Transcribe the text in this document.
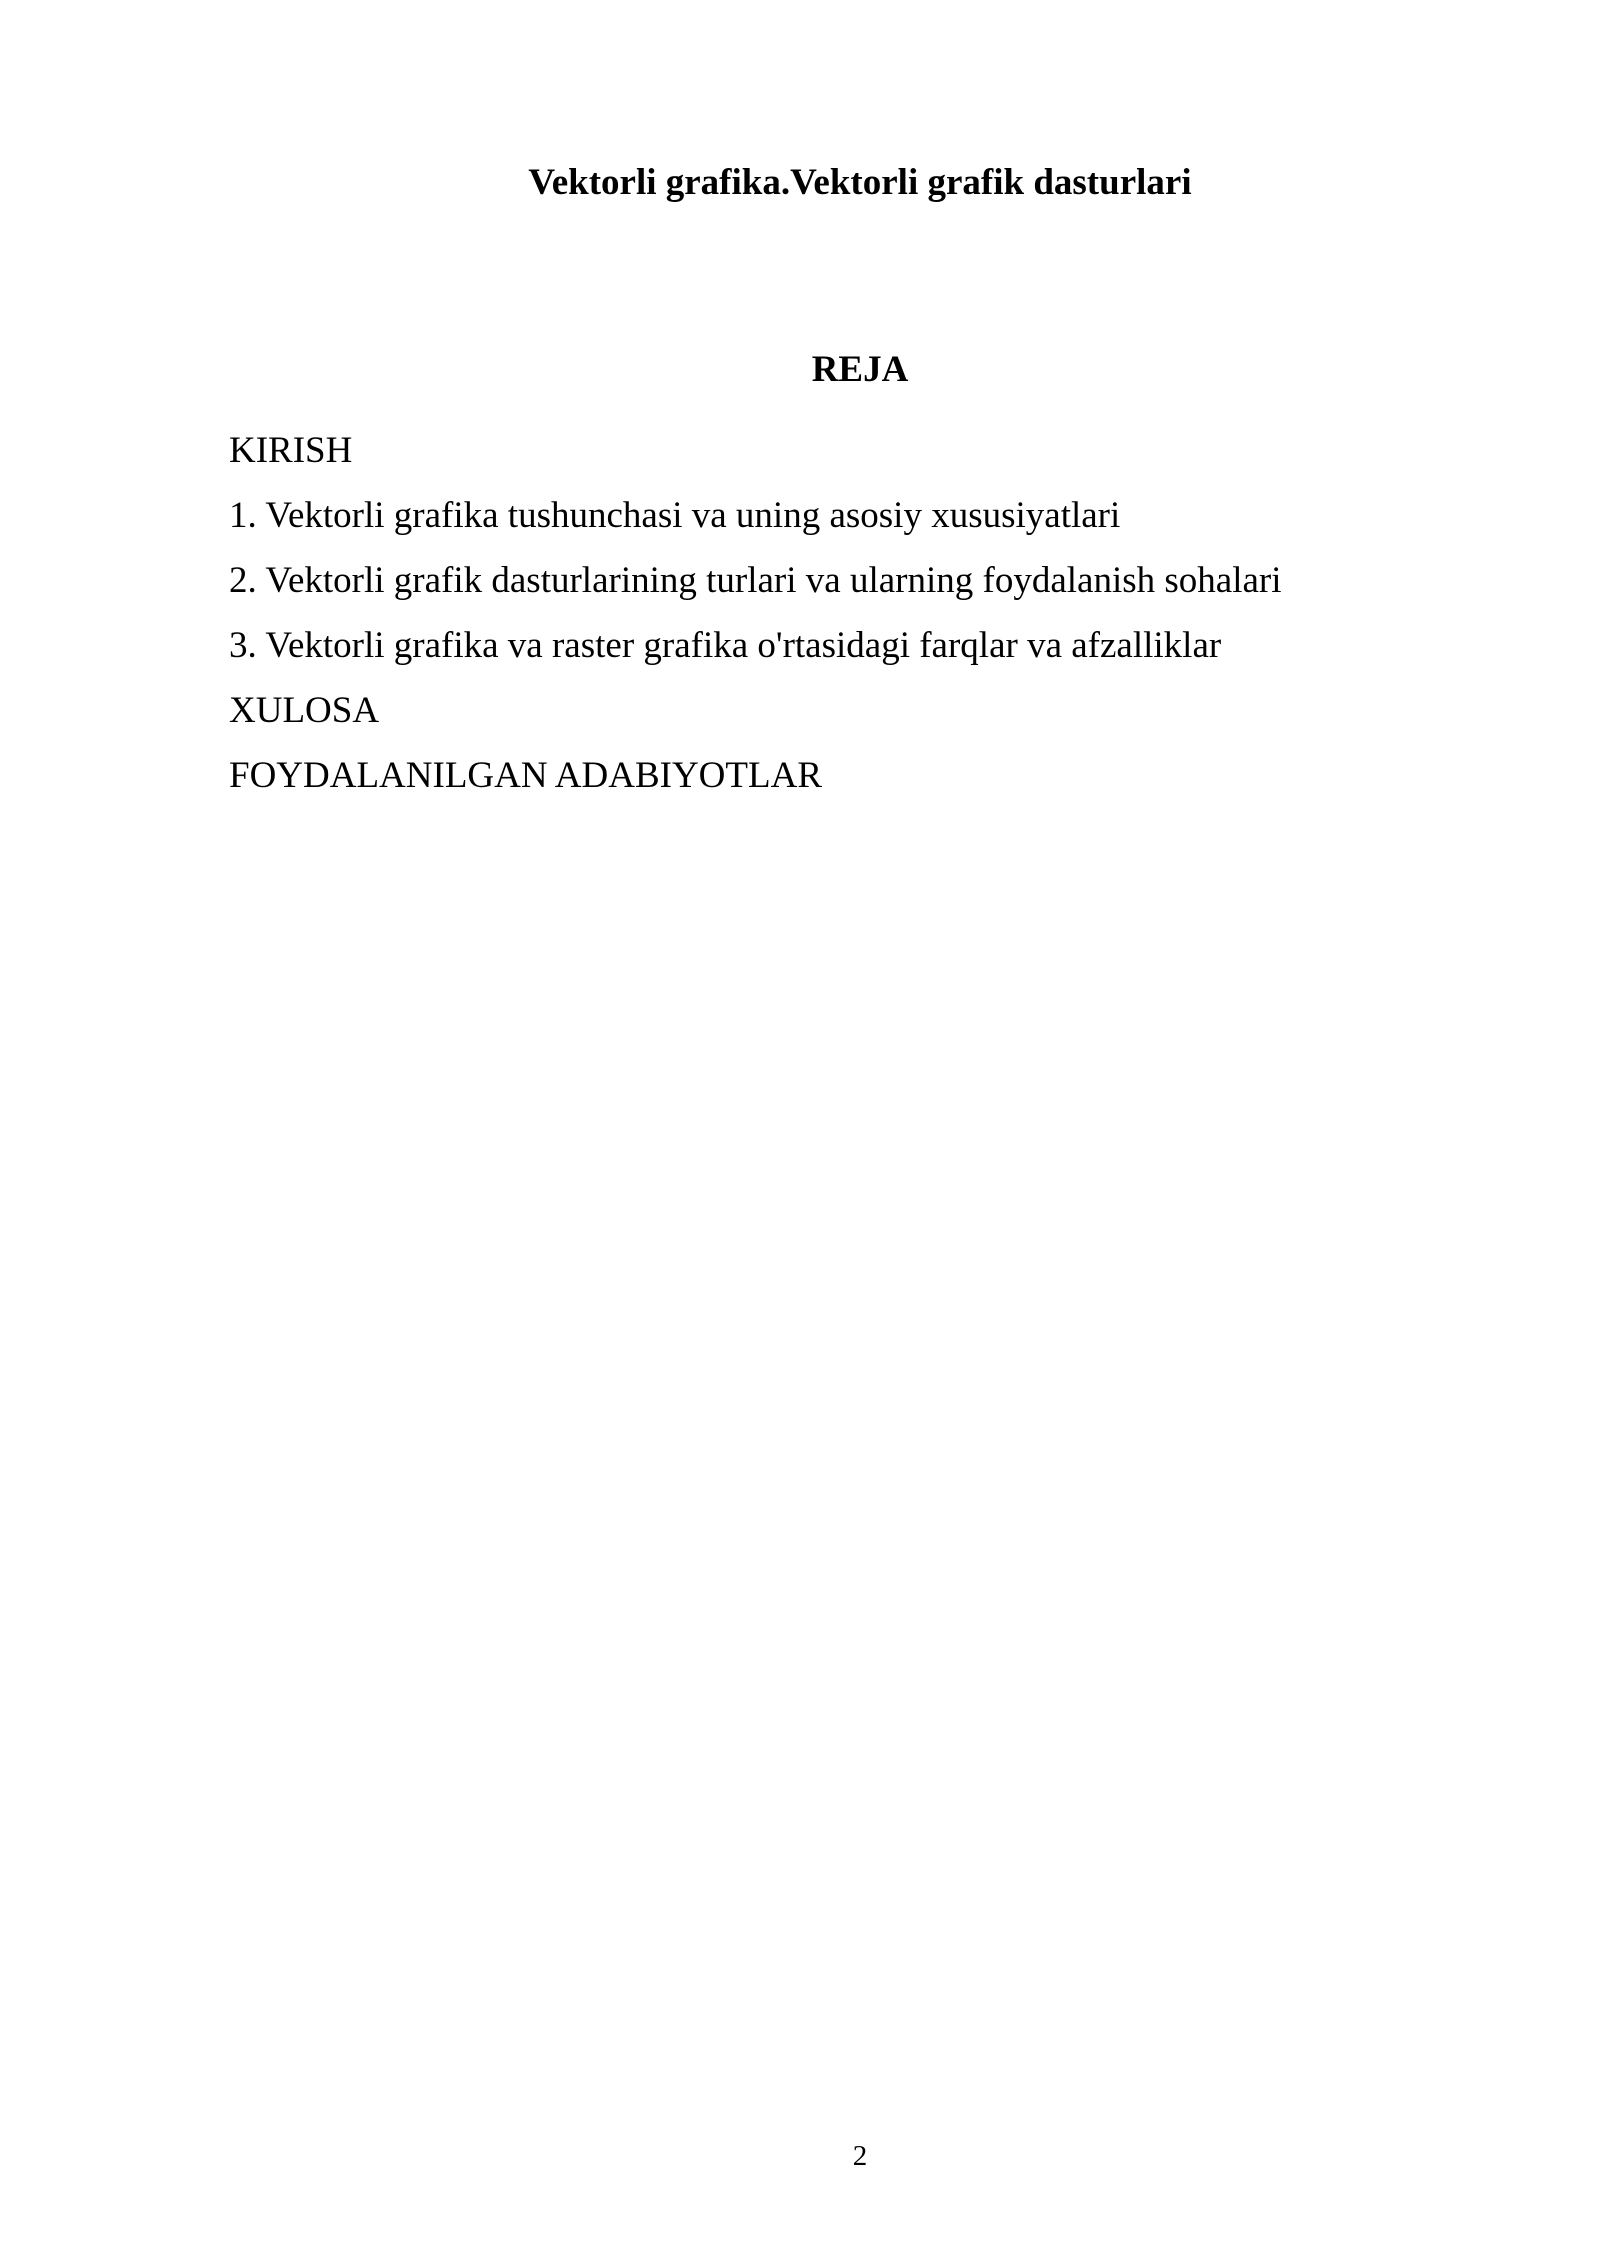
Vektorli grafika.Vektorli grafik dasturlari
REJA
KIRISH
1. Vektorli grafika tushunchasi va uning asosiy xususiyatlari
2. Vektorli grafik dasturlarining turlari va ularning foydalanish sohalari
3. Vektorli grafika va raster grafika o'rtasidagi farqlar va afzalliklar
XULOSA
FOYDALANILGAN ADABIYOTLAR
2
